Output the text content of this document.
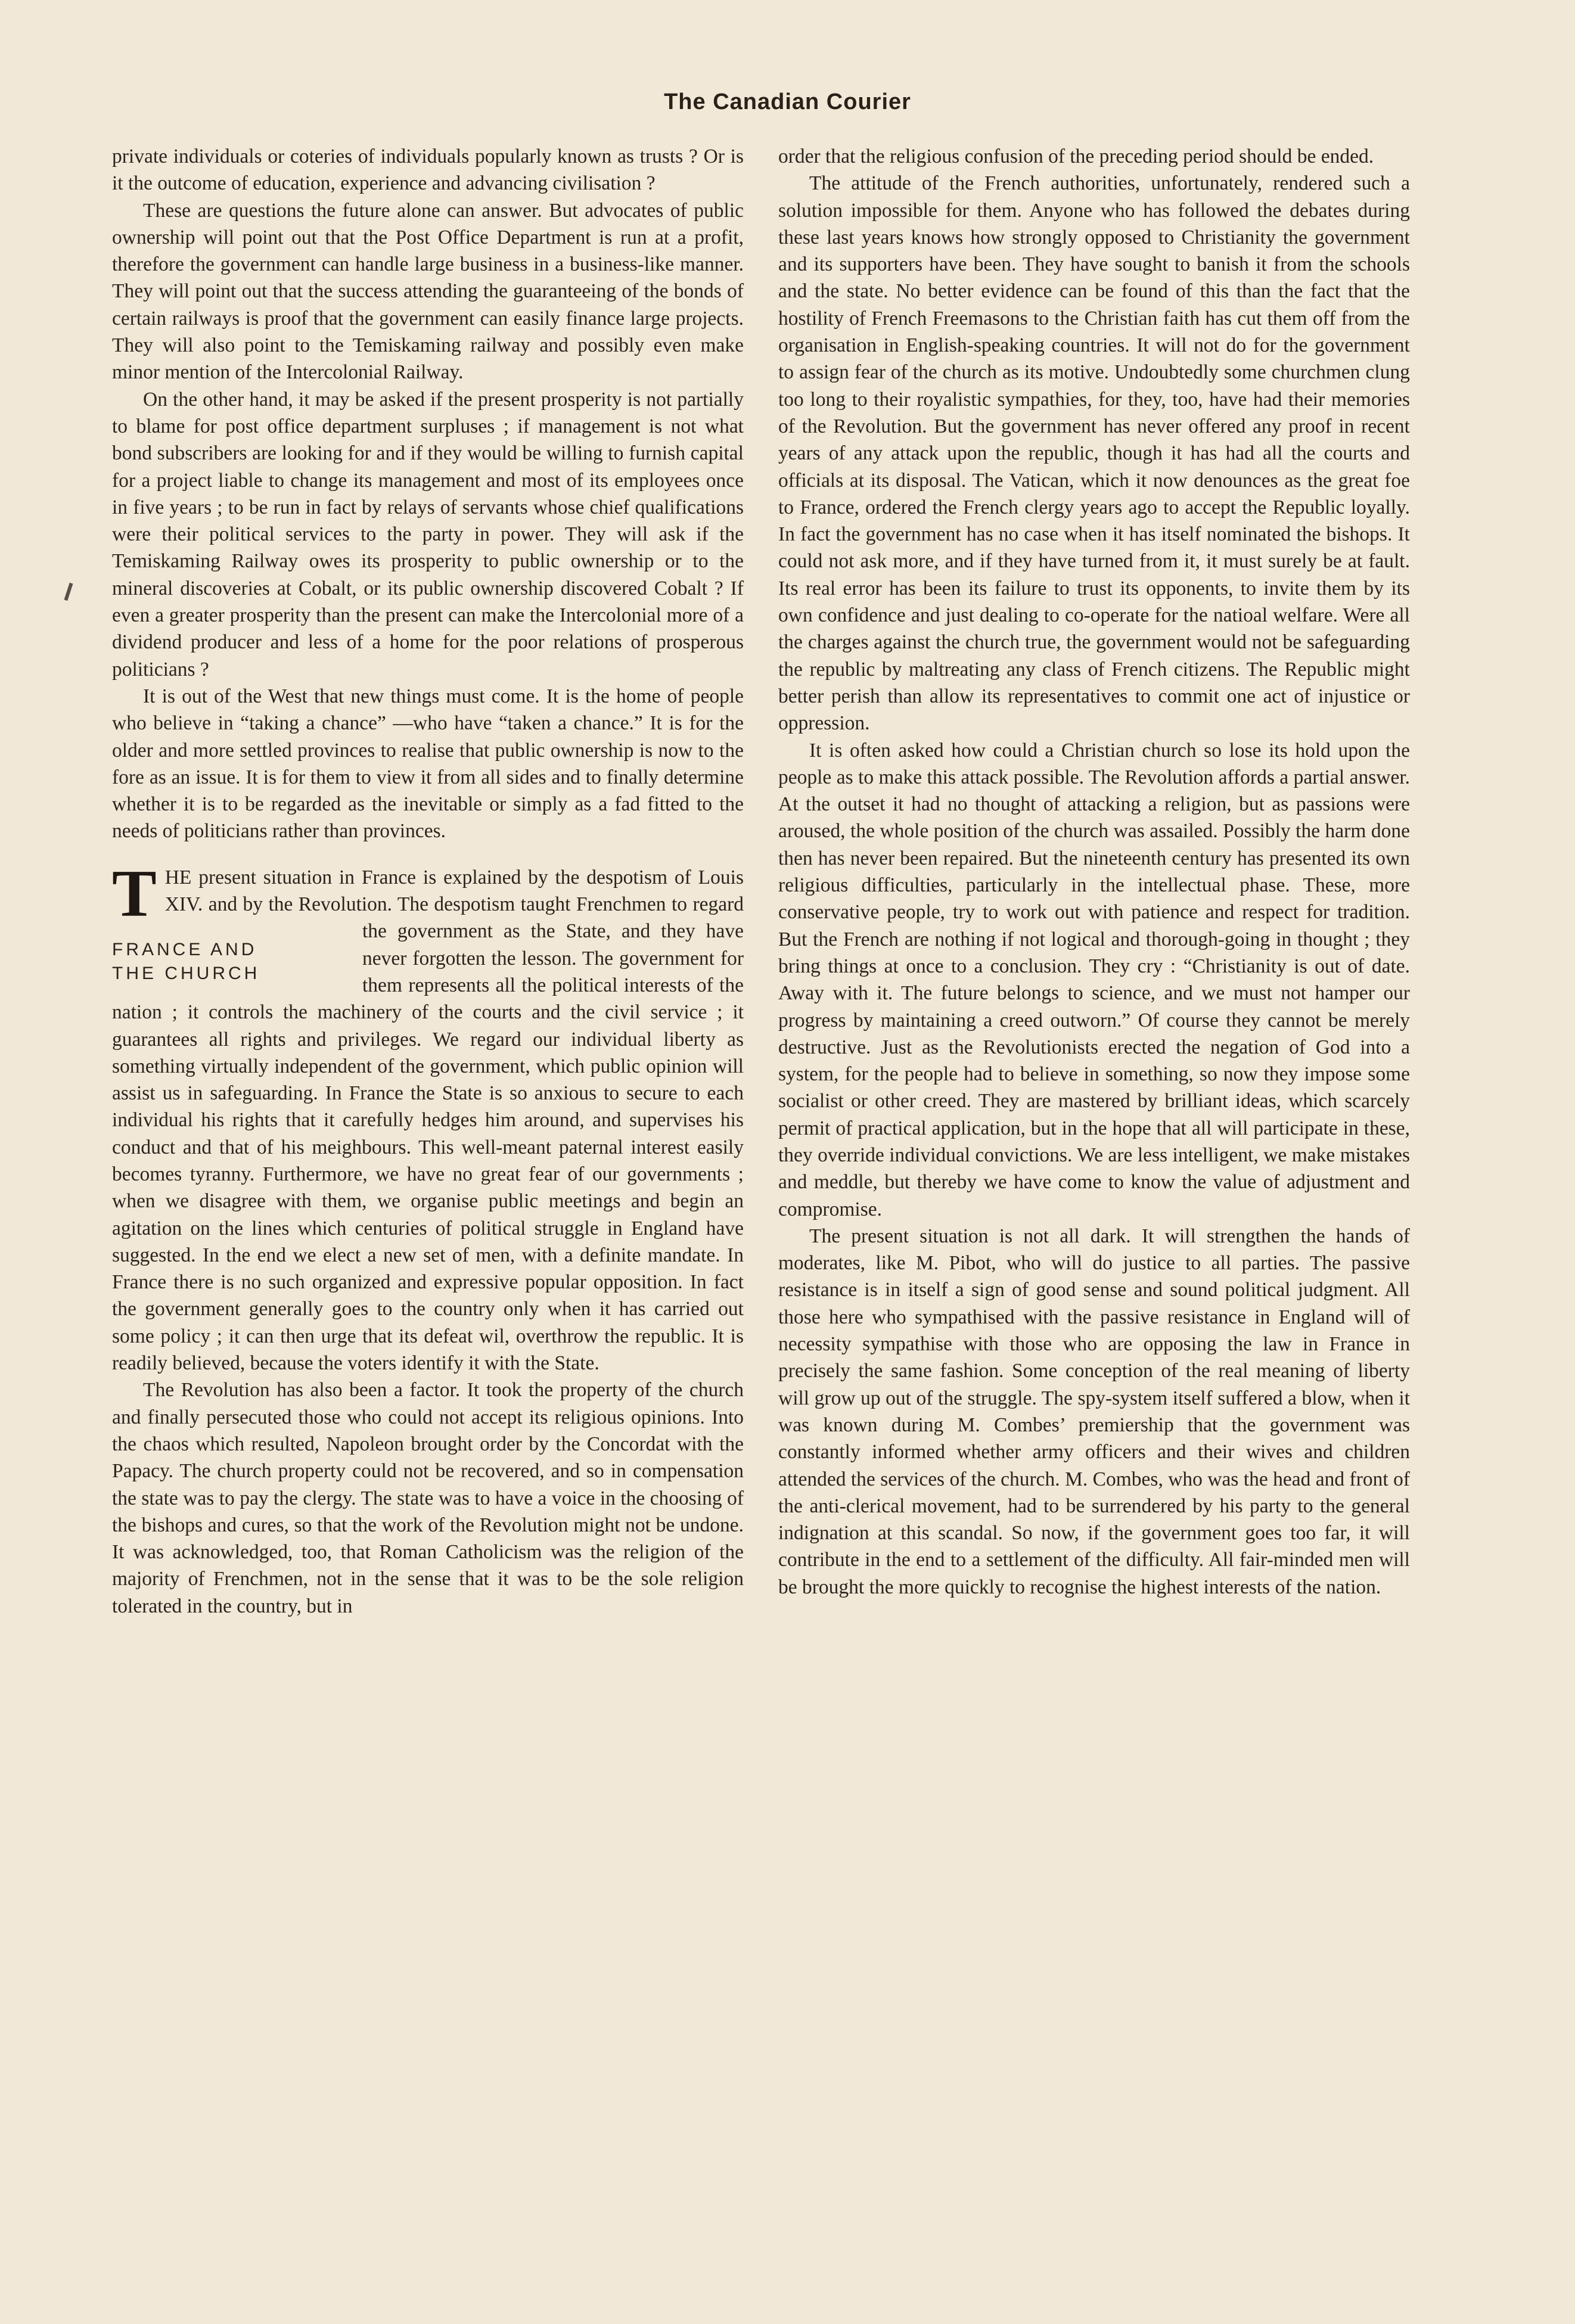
The Canadian Courier

private individuals or coteries of individuals popularly known as trusts ? Or is it the outcome of education, experience and advancing civilisation ?

These are questions the future alone can answer. But advocates of public ownership will point out that the Post Office Department is run at a profit, therefore the government can handle large business in a business-like manner. They will point out that the success attending the guaranteeing of the bonds of certain railways is proof that the government can easily finance large projects. They will also point to the Temiskaming railway and possibly even make minor mention of the Intercolonial Railway.

On the other hand, it may be asked if the present prosperity is not partially to blame for post office department surpluses ; if management is not what bond subscribers are looking for and if they would be willing to furnish capital for a project liable to change its management and most of its employees once in five years ; to be run in fact by relays of servants whose chief qualifications were their political services to the party in power. They will ask if the Temiskaming Railway owes its prosperity to public ownership or to the mineral discoveries at Cobalt, or its public ownership discovered Cobalt ? If even a greater prosperity than the present can make the Intercolonial more of a dividend producer and less of a home for the poor relations of prosperous politicians ?

It is out of the West that new things must come. It is the home of people who believe in “taking a chance” —who have “taken a chance.” It is for the older and more settled provinces to realise that public ownership is now to the fore as an issue. It is for them to view it from all sides and to finally determine whether it is to be regarded as the inevitable or simply as a fad fitted to the needs of politicians rather than provinces.

T
FRANCE AND
THE CHURCH
HE present situation in France is explained by the despotism of Louis XIV. and by the Revolution. The despotism taught Frenchmen to regard the government as the State, and they have never forgotten the lesson. The government for them represents all the political interests of the nation ; it controls the machinery of the courts and the civil service ; it guarantees all rights and privileges. We regard our individual liberty as something virtually independent of the government, which public opinion will assist us in safeguarding. In France the State is so anxious to secure to each individual his rights that it carefully hedges him around, and supervises his conduct and that of his meighbours. This well-meant paternal interest easily becomes tyranny. Furthermore, we have no great fear of our governments ; when we disagree with them, we organise public meetings and begin an agitation on the lines which centuries of political struggle in England have suggested. In the end we elect a new set of men, with a definite mandate. In France there is no such organized and expressive popular opposition. In fact the government generally goes to the country only when it has carried out some policy ; it can then urge that its defeat wil, overthrow the republic. It is readily believed, because the voters identify it with the State.

The Revolution has also been a factor. It took the property of the church and finally persecuted those who could not accept its religious opinions. Into the chaos which resulted, Napoleon brought order by the Concordat with the Papacy. The church property could not be recovered, and so in compensation the state was to pay the clergy. The state was to have a voice in the choosing of the bishops and cures, so that the work of the Revolution might not be undone. It was acknowledged, too, that Roman Catholicism was the religion of the majority of Frenchmen, not in the sense that it was to be the sole religion tolerated in the country, but in

order that the religious confusion of the preceding period should be ended.

The attitude of the French authorities, unfortunately, rendered such a solution impossible for them. Anyone who has followed the debates during these last years knows how strongly opposed to Christianity the government and its supporters have been. They have sought to banish it from the schools and the state. No better evidence can be found of this than the fact that the hostility of French Freemasons to the Christian faith has cut them off from the organisation in English-speaking countries. It will not do for the government to assign fear of the church as its motive. Undoubtedly some churchmen clung too long to their royalistic sympathies, for they, too, have had their memories of the Revolution. But the government has never offered any proof in recent years of any attack upon the republic, though it has had all the courts and officials at its disposal. The Vatican, which it now denounces as the great foe to France, ordered the French clergy years ago to accept the Republic loyally. In fact the government has no case when it has itself nominated the bishops. It could not ask more, and if they have turned from it, it must surely be at fault. Its real error has been its failure to trust its opponents, to invite them by its own confidence and just dealing to co-operate for the natioal welfare. Were all the charges against the church true, the government would not be safeguarding the republic by maltreating any class of French citizens. The Republic might better perish than allow its representatives to commit one act of injustice or oppression.

It is often asked how could a Christian church so lose its hold upon the people as to make this attack possible. The Revolution affords a partial answer. At the outset it had no thought of attacking a religion, but as passions were aroused, the whole position of the church was assailed. Possibly the harm done then has never been repaired. But the nineteenth century has presented its own religious difficulties, particularly in the intellectual phase. These, more conservative people, try to work out with patience and respect for tradition. But the French are nothing if not logical and thorough-going in thought ; they bring things at once to a conclusion. They cry : “Christianity is out of date. Away with it. The future belongs to science, and we must not hamper our progress by maintaining a creed outworn.” Of course they cannot be merely destructive. Just as the Revolutionists erected the negation of God into a system, for the people had to believe in something, so now they impose some socialist or other creed. They are mastered by brilliant ideas, which scarcely permit of practical application, but in the hope that all will participate in these, they override individual convictions. We are less intelligent, we make mistakes and meddle, but thereby we have come to know the value of adjustment and compromise.

The present situation is not all dark. It will strengthen the hands of moderates, like M. Pibot, who will do justice to all parties. The passive resistance is in itself a sign of good sense and sound political judgment. All those here who sympathised with the passive resistance in England will of necessity sympathise with those who are opposing the law in France in precisely the same fashion. Some conception of the real meaning of liberty will grow up out of the struggle. The spy-system itself suffered a blow, when it was known during M. Combes’ premiership that the government was constantly informed whether army officers and their wives and children attended the services of the church. M. Combes, who was the head and front of the anti-clerical movement, had to be surrendered by his party to the general indignation at this scandal. So now, if the government goes too far, it will contribute in the end to a settlement of the difficulty. All fair-minded men will be brought the more quickly to recognise the highest interests of the nation.
